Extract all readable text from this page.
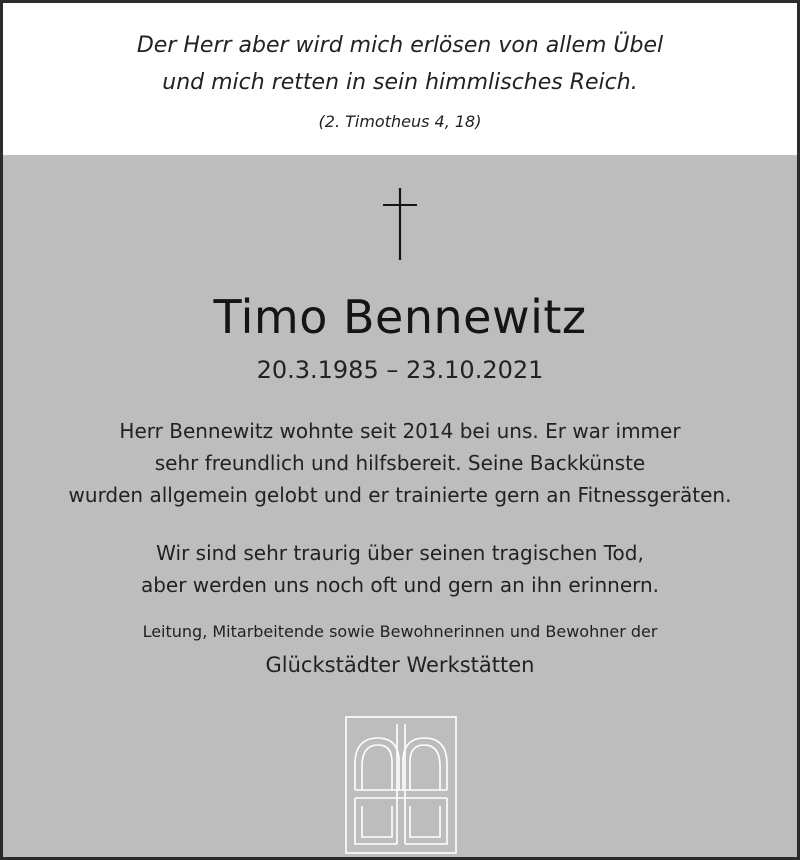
Der Herr aber wird mich erlösen von allem Übel
und mich retten in sein himmlisches Reich.
(2. Timotheus 4, 18)
Timo Bennewitz
20.3.1985 – 23.10.2021
Herr Bennewitz wohnte seit 2014 bei uns. Er war immer
sehr freundlich und hilfsbereit. Seine Backkünste
wurden allgemein gelobt und er trainierte gern an Fitnessgeräten.
Wir sind sehr traurig über seinen tragischen Tod,
aber werden uns noch oft und gern an ihn erinnern.
Leitung, Mitarbeitende sowie Bewohnerinnen und Bewohner der
Glückstädter Werkstätten
